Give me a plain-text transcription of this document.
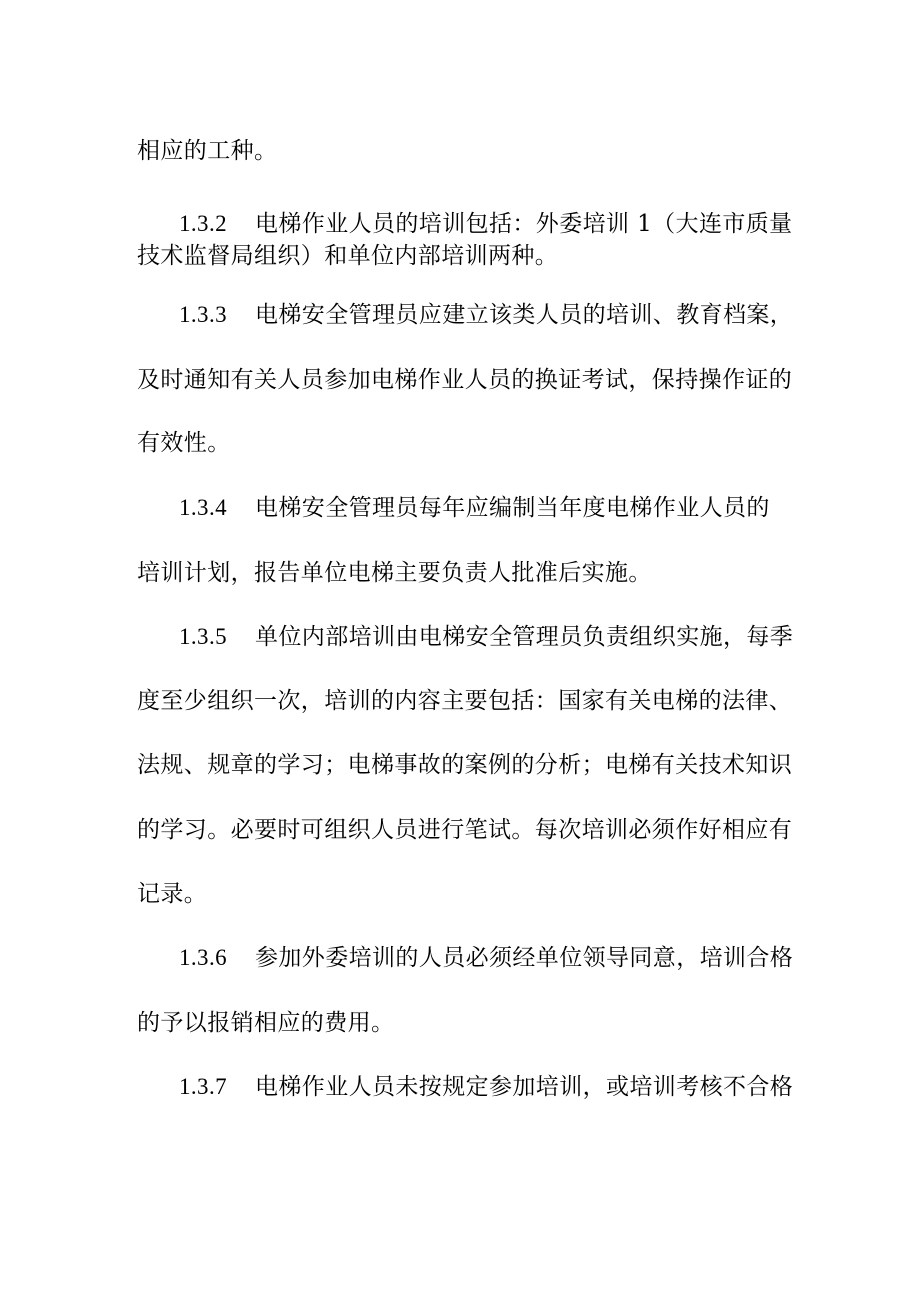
相应的工种。
1.3.2 电梯作业人员的培训包括：外委培训 1（大连市质量
技术监督局组织）和单位内部培训两种。
1.3.3 电梯安全管理员应建立该类人员的培训、教育档案，
及时通知有关人员参加电梯作业人员的换证考试，保持操作证的
有效性。
1.3.4 电梯安全管理员每年应编制当年度电梯作业人员的
培训计划，报告单位电梯主要负责人批准后实施。
1.3.5 单位内部培训由电梯安全管理员负责组织实施，每季
度至少组织一次，培训的内容主要包括：国家有关电梯的法律、
法规、规章的学习；电梯事故的案例的分析；电梯有关技术知识
的学习。必要时可组织人员进行笔试。每次培训必须作好相应有
记录。
1.3.6 参加外委培训的人员必须经单位领导同意，培训合格
的予以报销相应的费用。
1.3.7 电梯作业人员未按规定参加培训，或培训考核不合格
